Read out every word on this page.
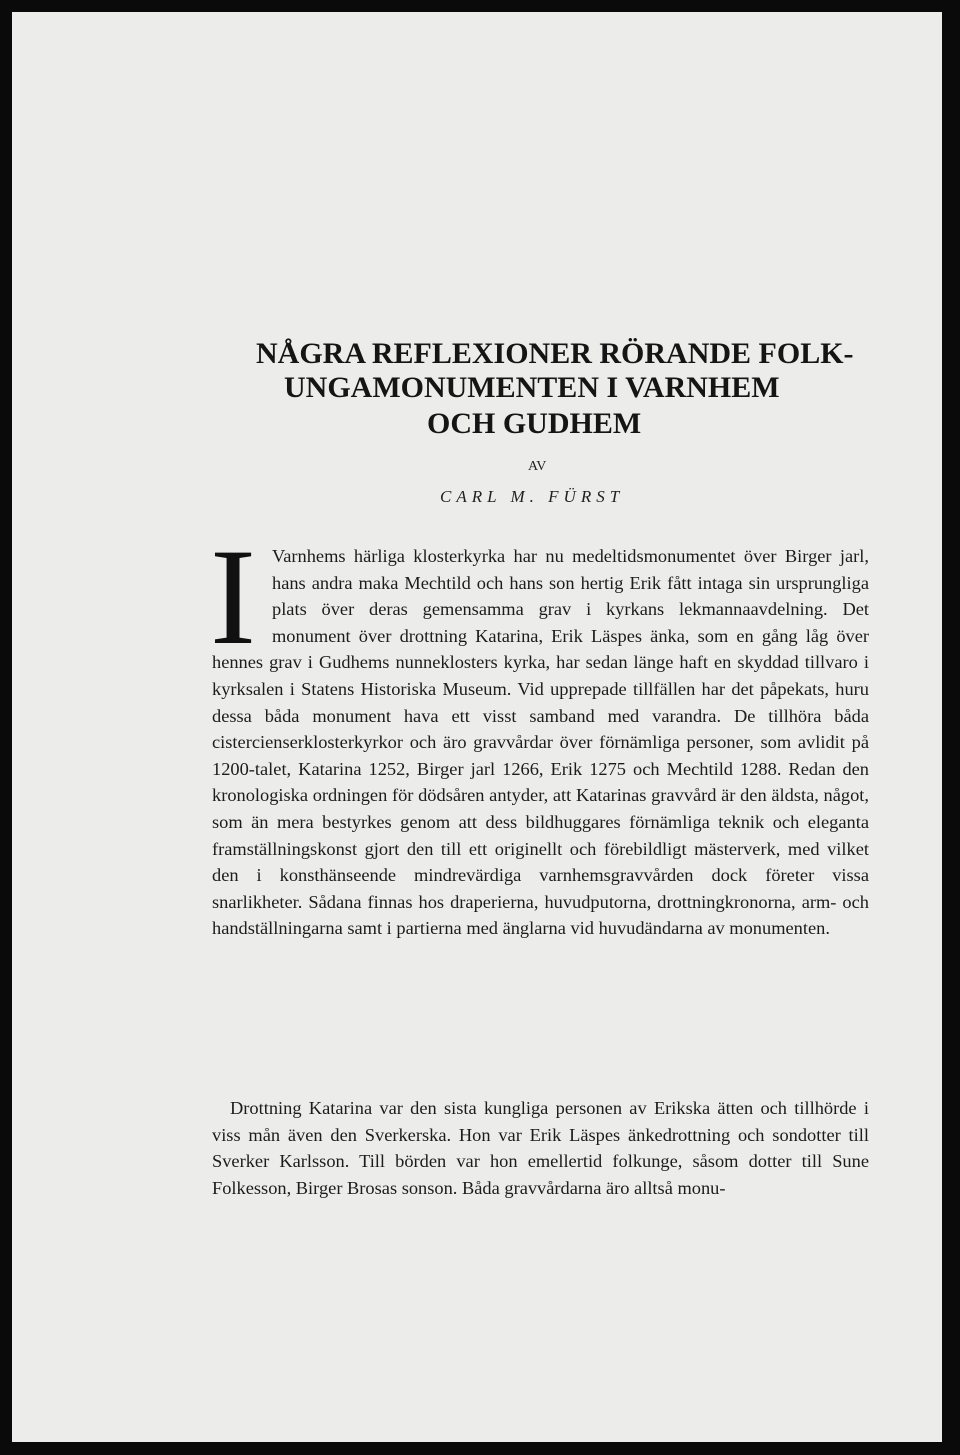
NÅGRA REFLEXIONER RÖRANDE FOLK-
UNGAMONUMENTEN I VARNHEM
OCH GUDHEM
AV
CARL M. FÜRST
I Varnhems härliga klosterkyrka har nu medeltidsmonumentet över Birger jarl, hans andra maka Mechtild och hans son hertig Erik fått intaga sin ursprungliga plats över deras gemensamma grav i kyrkans lekmannaavdelning. Det monument över drottning Katarina, Erik Läspes änka, som en gång låg över hennes grav i Gudhems nunneklosters kyrka, har sedan länge haft en skyddad tillvaro i kyrksalen i Statens Historiska Museum. Vid upprepade tillfällen har det påpekats, huru dessa båda monument hava ett visst samband med varandra. De tillhöra båda cistercienserklosterkyrkor och äro gravvårdar över förnämliga personer, som avlidit på 1200-talet, Katarina 1252, Birger jarl 1266, Erik 1275 och Mechtild 1288. Redan den kronologiska ordningen för dödsåren antyder, att Katarinas gravvård är den äldsta, något, som än mera bestyrkes genom att dess bildhuggares förnämliga teknik och eleganta framställningskonst gjort den till ett originellt och förebildligt mästerverk, med vilket den i konsthänseende mindrevärdiga varnhemsgravvården dock företer vissa snarlikheter. Sådana finnas hos draperierna, huvudputorna, drottningkronorna, arm- och handställningarna samt i partierna med änglarna vid huvudändarna av monumenten.

Drottning Katarina var den sista kungliga personen av Erikska ätten och tillhörde i viss mån även den Sverkerska. Hon var Erik Läspes änkedrottning och sondotter till Sverker Karlsson. Till börden var hon emellertid folkunge, såsom dotter till Sune Folkesson, Birger Brosas sonson. Båda gravvårdarna äro alltså monu-
